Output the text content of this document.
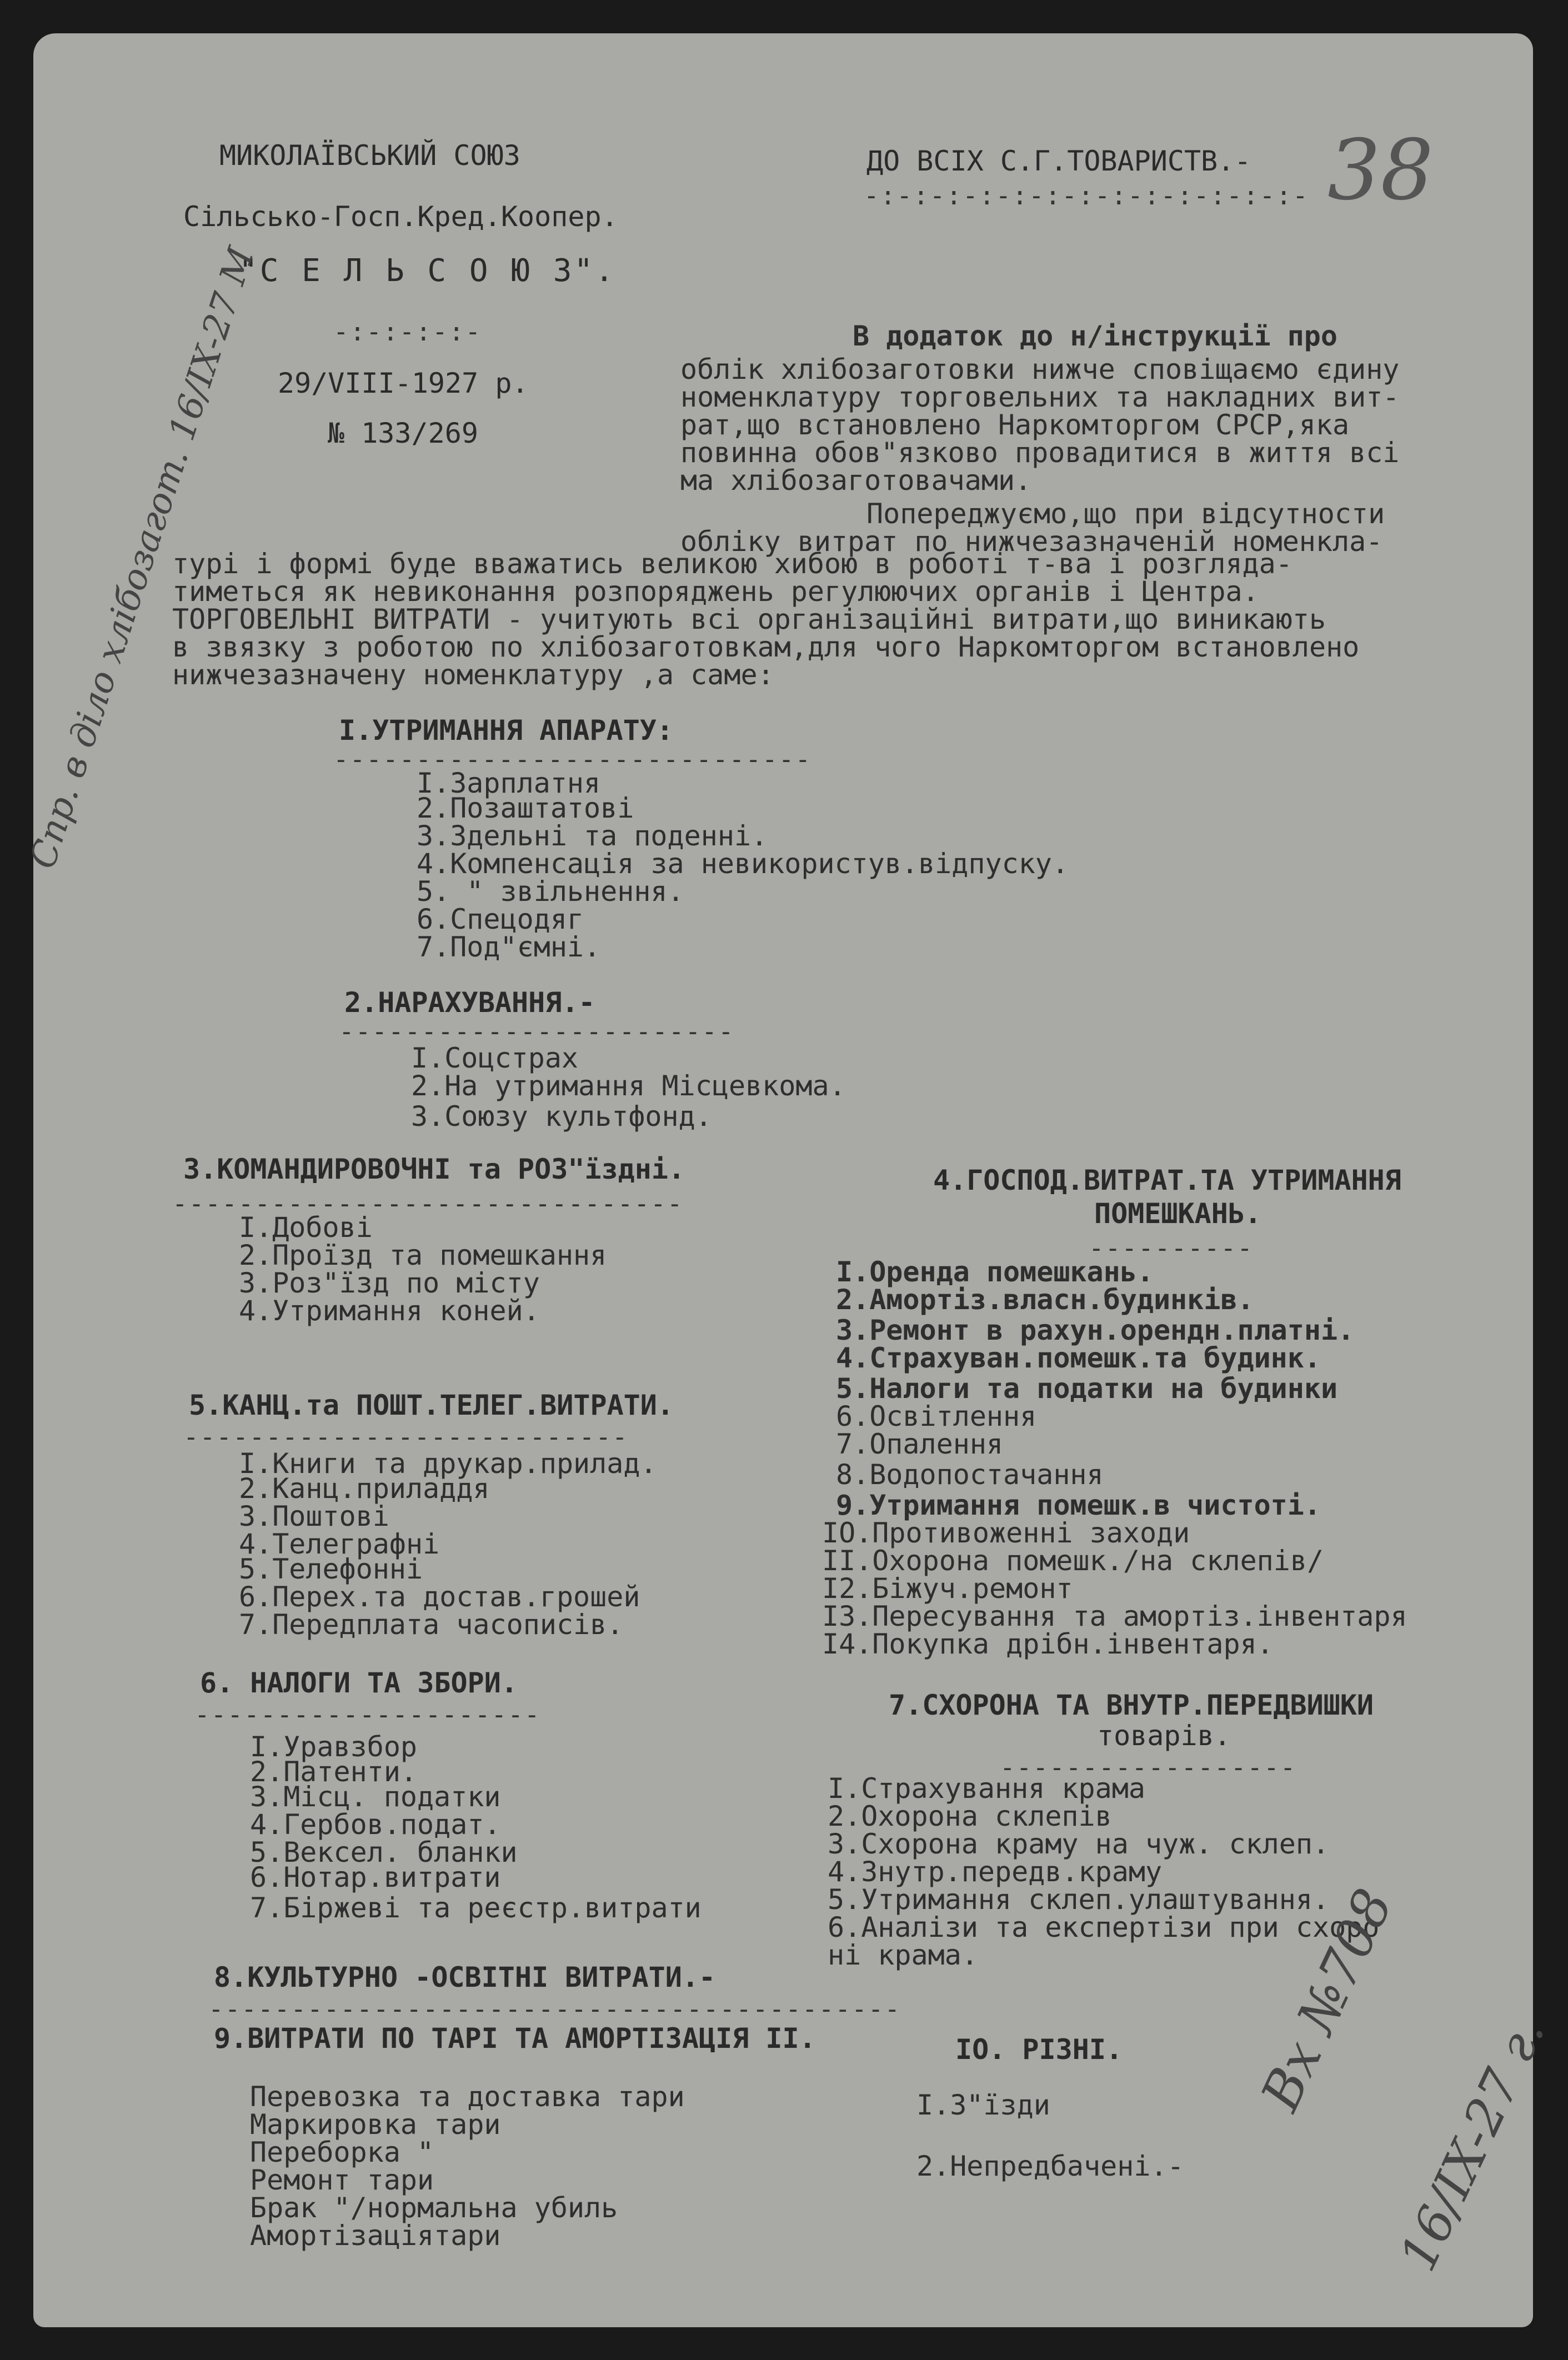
МИКОЛАЇВСЬКИЙ СОЮЗ
Сільсько-Госп.Кред.Коопер.
"С Е Л Ь С О Ю З".
-:-:-:-:-
29/VIII-1927 р.
№ 133/269
ДО ВСІХ С.Г.ТОВАРИСТВ.-
-:-:-:-:-:-:-:-:-:-:-:-:-:- 38
В додаток до н/інструкції про
облік хлібозаготовки нижче сповіщаємо єдину
номенклатуру торговельних та накладних вит-
рат,що встановлено Наркомторгом СРСР,яка
повинна обов"язково провадитися в життя всі
ма хлібозаготовачами.
Попереджуємо,що при відсутности
обліку витрат по нижчезазначеній номенкла-
турі і формі буде вважатись великою хибою в роботі т-ва і розгляда-
тиметься як невиконання розпоряджень регулюючих органів і Центра.
ТОРГОВЕЛЬНІ ВИТРАТИ - учитують всі організаційні витрати,що виникають
в звязку з роботою по хлібозаготовкам,для чого Наркомторгом встановлено
нижчезазначену номенклатуру ,а саме:
I.УТРИМАННЯ АПАРАТУ:
-----------------------------
I.Зарплатня
2.Позаштатові
3.Здельні та поденні.
4.Компенсація за невикористув.відпуску.
5. " звільнення.
6.Спецодяг
7.Под"ємні.
2.НАРАХУВАННЯ.-
------------------------
I.Соцстрах
2.На утримання Місцевкома.
3.Союзу культфонд.
3.КОМАНДИРОВОЧНІ та РОЗ"їздні.
-------------------------------
I.Добові
2.Проїзд та помешкання
3.Роз"їзд по місту
4.Утримання коней.
4.ГОСПОД.ВИТРАТ.ТА УТРИМАННЯ
ПОМЕШКАНЬ.
----------
I.Оренда помешкань.
2.Амортіз.власн.будинків.
3.Ремонт в рахун.орендн.платні.
4.Страхуван.помешк.та будинк.
5.Налоги та податки на будинки
6.Освітлення
7.Опалення
8.Водопостачання
9.Утримання помешк.в чистоті.
IO.Противоженні заходи
II.Охорона помешк./на склепів/
I2.Біжуч.ремонт
I3.Пересування та амортіз.інвентаря
I4.Покупка дрібн.інвентаря.
5.КАНЦ.та ПОШТ.ТЕЛЕГ.ВИТРАТИ.
---------------------------
I.Книги та друкар.прилад.
2.Канц.приладдя
3.Поштові
4.Телеграфні
5.Телефонні
6.Перех.та достав.грошей
7.Передплата часописів.
6. НАЛОГИ ТА ЗБОРИ.
---------------------
I.Уравзбор
2.Патенти.
3.Місц. податки
4.Гербов.подат.
5.Вексел. бланки
6.Нотар.витрати
7.Біржеві та реєстр.витрати
7.СХОРОНА ТА ВНУТР.ПЕРЕДВИШКИ
товарів.
------------------
I.Страхування крама
2.Охорона склепів
3.Схорона краму на чуж. склеп.
4.Знутр.передв.краму
5.Утримання склеп.улаштування.
6.Аналізи та експертізи при схоро
ні крама.
8.КУЛЬТУРНО -ОСВІТНІ ВИТРАТИ.-
------------------------------------------
9.ВИТРАТИ ПО ТАРІ ТА АМОРТІЗАЦІЯ II.
Перевозка та доставка тари
Маркировка тари
Переборка "
Ремонт тари
Брак "/нормальна убиль
Амортізаціятари
IO. РІЗНІ.
I.З"їзди
2.Непредбачені.-
Спр. в діло хлібозагот. 16/IX-27 М
Вх №708
16/IX-27 г.
